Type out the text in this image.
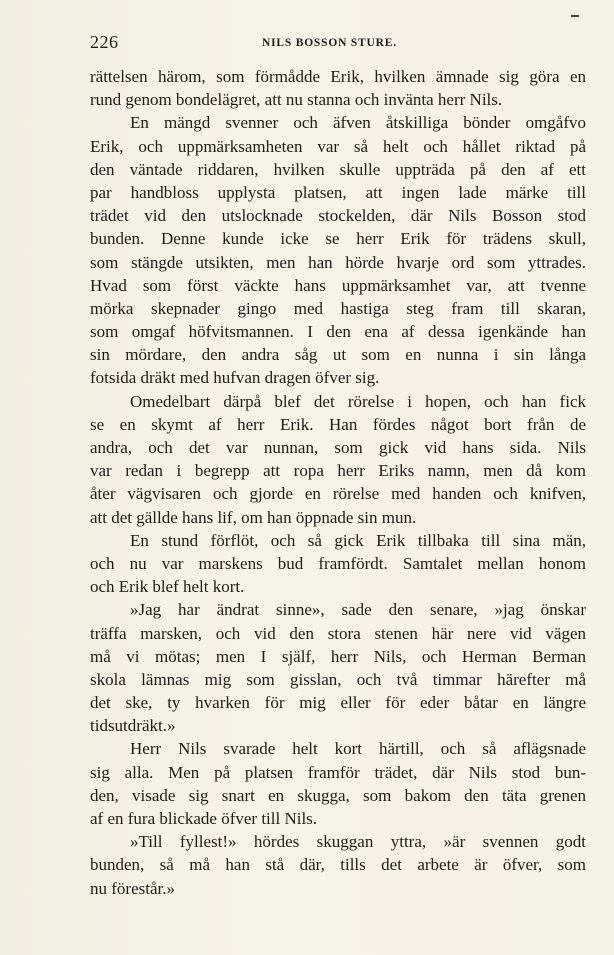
226	NILS BOSSON STURE.
rättelsen härom, som förmådde Erik, hvilken ämnade sig göra en
rund genom bondelägret, att nu stanna och invänta herr Nils.
En mängd svenner och äfven åtskilliga bönder omgåfvo
Erik, och uppmärksamheten var så helt och hållet riktad på
den väntade riddaren, hvilken skulle uppträda på den af ett
par handbloss upplysta platsen, att ingen lade märke till
trädet vid den utslocknade stockelden, där Nils Bosson stod
bunden. Denne kunde icke se herr Erik för trädens skull,
som stängde utsikten, men han hörde hvarje ord som yttrades.
Hvad som först väckte hans uppmärksamhet var, att tvenne
mörka skepnader gingo med hastiga steg fram till skaran,
som omgaf höfvitsmannen. I den ena af dessa igenkände han
sin mördare, den andra såg ut som en nunna i sin långa
fotsida dräkt med hufvan dragen öfver sig.
Omedelbart därpå blef det rörelse i hopen, och han fick
se en skymt af herr Erik. Han fördes något bort från de
andra, och det var nunnan, som gick vid hans sida. Nils
var redan i begrepp att ropa herr Eriks namn, men då kom
åter vägvisaren och gjorde en rörelse med handen och knifven,
att det gällde hans lif, om han öppnade sin mun.
En stund förflöt, och så gick Erik tillbaka till sina män,
och nu var marskens bud framfördt. Samtalet mellan honom
och Erik blef helt kort.
»Jag har ändrat sinne», sade den senare, »jag önskar
träffa marsken, och vid den stora stenen här nere vid vägen
må vi mötas; men I själf, herr Nils, och Herman Berman
skola lämnas mig som gisslan, och två timmar härefter må
det ske, ty hvarken för mig eller för eder båtar en längre
tidsutdräkt.»
Herr Nils svarade helt kort härtill, och så aflägsnade
sig alla. Men på platsen framför trädet, där Nils stod bun-
den, visade sig snart en skugga, som bakom den täta grenen
af en fura blickade öfver till Nils.
»Till fyllest!» hördes skuggan yttra, »är svennen godt
bunden, så må han stå där, tills det arbete är öfver, som
nu förestår.»
